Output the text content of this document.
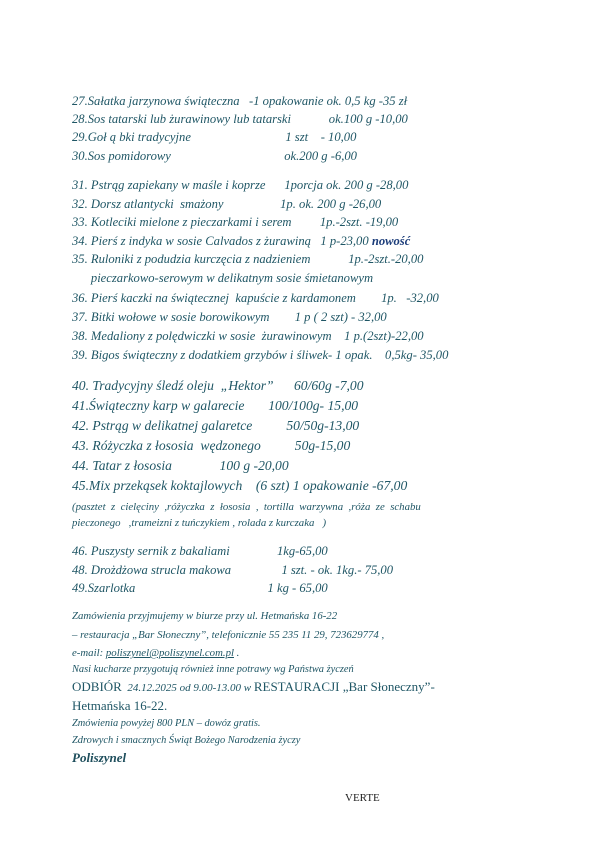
27.Sałatka jarzynowa świąteczna   -1 opakowanie ok. 0,5 kg -35 zł
28.Sos tatarski lub żurawinowy lub tatarski            ok.100 g -10,00
29.Goł ą bki tradycyjne                              1 szt    - 10,00
30.Sos pomidorowy                                    ok.200 g -6,00
31. Pstrąg zapiekany w maśle i koprze      1porcja ok. 200 g -28,00
32. Dorsz atlantycki  smażony                  1p. ok. 200 g -26,00
33. Kotleciki mielone z pieczarkami i serem         1p.-2szt. -19,00
34. Pierś z indyka w sosie Calvados z żurawiną   1 p-23,00 nowość
35. Ruloniki z podudzia kurczęcia z nadzieniem            1p.-2szt.-20,00
pieczarkowo-serowym w delikatnym sosie śmietanowym
36. Pierś kaczki na świątecznej  kapuście z kardamonem        1p.   -32,00
37. Bitki wołowe w sosie borowikowym        1 p ( 2 szt) - 32,00
38. Medaliony z polędwiczki w sosie  żurawinowym    1 p.(2szt)-22,00
39. Bigos świąteczny z dodatkiem grzybów i śliwek- 1 opak.    0,5kg- 35,00
40. Tradycyjny śledź oleju  „Hektor”      60/60g -7,00
41.Świąteczny karp w galarecie       100/100g- 15,00
42. Pstrąg w delikatnej galaretce          50/50g-13,00
43. Różyczka z łososia  wędzonego          50g-15,00
44. Tatar z łososia              100 g -20,00
45.Mix przekąsek koktajlowych    (6 szt) 1 opakowanie -67,00
(pasztet  z  cielęciny  ,różyczka  z  łososia  ,  tortilla  warzywna  ,róża  ze  schabu
pieczonego   ,trameizni z tuńczykiem , rolada z kurczaka   )
46. Puszysty sernik z bakaliami               1kg-65,00
48. Drożdżowa strucla makowa                1 szt. - ok. 1kg.- 75,00
49.Szarlotka                                          1 kg - 65,00
Zamówienia przyjmujemy w biurze przy ul. Hetmańska 16-22
– restauracja „Bar Słoneczny”, telefonicznie 55 235 11 29, 723629774 ,
e-mail: poliszynel@poliszynel.com.pl .
Nasi kucharze przygotują również inne potrawy wg Państwa życzeń
ODBIÓR  24.12.2025 od 9.00-13.00 w RESTAURACJI „Bar Słoneczny”-
Hetmańska 16-22.
Zmówienia powyżej 800 PLN – dowóz gratis.
Zdrowych i smacznych Świąt Bożego Narodzenia życzy
Poliszynel
VERTE
